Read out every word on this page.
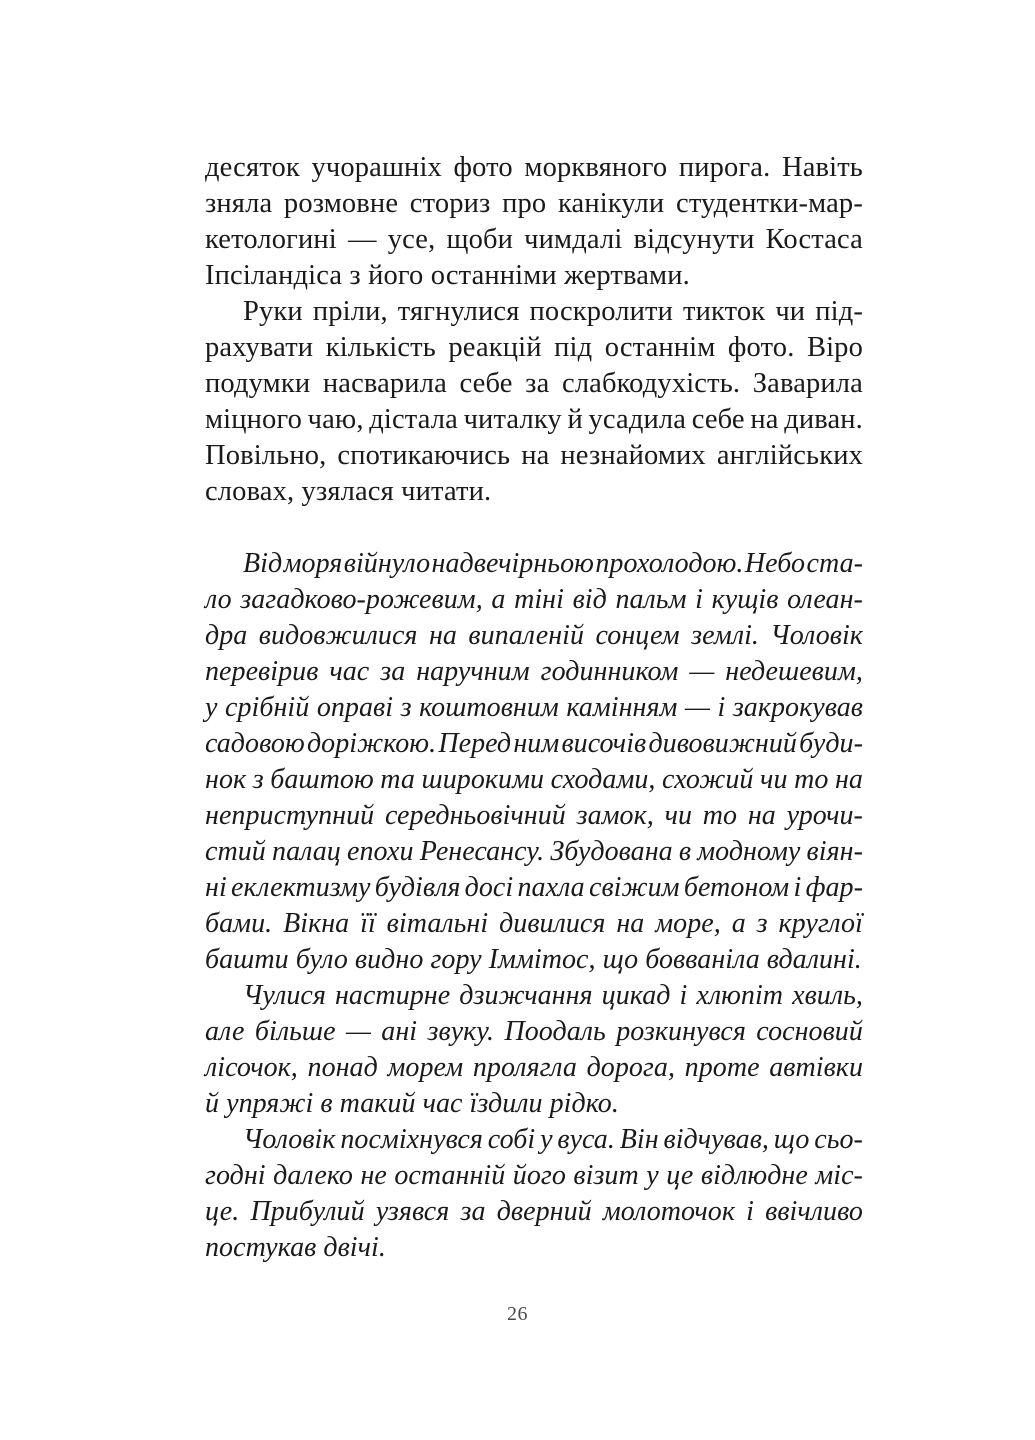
десяток учорашніх фото морквяного пирога. Навіть
зняла розмовне сториз про канікули студентки-мар-
кетологині — усе, щоби чимдалі відсунути Костаса
Іпсіландіса з його останніми жертвами.
Руки пріли, тягнулися поскролити тикток чи під-
рахувати кількість реакцій під останнім фото. Віро
подумки насварила себе за слабкодухість. Заварила
міцного чаю, дістала читалку й усадила себе на диван.
Повільно, спотикаючись на незнайомих англійських
словах, узялася читати.
Від моря війнуло надвечірньою прохолодою. Небо ста-
ло загадково-рожевим, а тіні від пальм і кущів олеан-
дра видовжилися на випаленій сонцем землі. Чоловік
перевірив час за наручним годинником — недешевим,
у срібній оправі з коштовним камінням — і закрокував
садовою доріжкою. Перед ним височів дивовижний буди-
нок з баштою та широкими сходами, схожий чи то на
неприступний середньовічний замок, чи то на урочи-
стий палац епохи Ренесансу. Збудована в модному віян-
ні еклектизму будівля досі пахла свіжим бетоном і фар-
бами. Вікна її вітальні дивилися на море, а з круглої
башти було видно гору Іммітос, що бовваніла вдалині.
Чулися настирне дзижчання цикад і хлюпіт хвиль,
але більше — ані звуку. Поодаль розкинувся сосновий
лісочок, понад морем пролягла дорога, проте автівки
й упряжі в такий час їздили рідко.
Чоловік посміхнувся собі у вуса. Він відчував, що сьо-
годні далеко не останній його візит у це відлюдне міс-
це. Прибулий узявся за дверний молоточок і ввічливо
постукав двічі.
26
